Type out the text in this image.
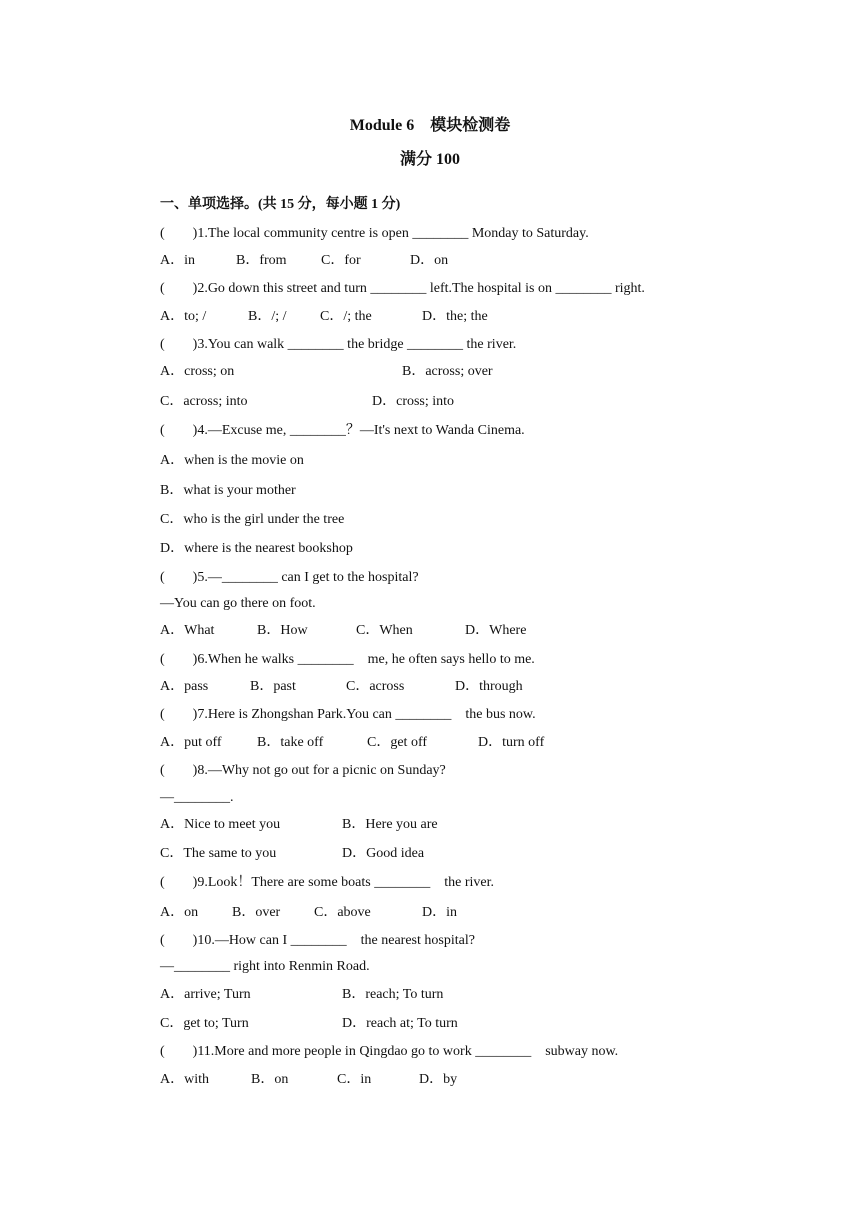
Module 6　模块检测卷
满分 100
一、单项选择。(共 15 分，每小题 1 分)
(　　)1.The local community centre is open ________ Monday to Saturday.
A．in	B．from C．for	D．on
(　　)2.Go down this street and turn ________ left.The hospital is on ________ right.
A．to; /	B．/; / C．/; the	D．the; the
(　　)3.You can walk ________ the bridge ________ the river.
A．cross; on	B．across; over
C．across; into	D．cross; into
(　　)4.—Excuse me, ________？—It's next to Wanda Cinema.
A．when is the movie on
B．what is your mother
C．who is the girl under the tree
D．where is the nearest bookshop
(　　)5.—________ can I get to the hospital?
—You can go there on foot.
A．What	B．How	C．When	D．Where
(　　)6.When he walks ________　me, he often says hello to me.
A．pass	B．past	C．across	D．through
(　　)7.Here is Zhongshan Park.You can ________　the bus now.
A．put off	B．take off	C．get off	D．turn off
(　　)8.—Why not go out for a picnic on Sunday?
—________.
A．Nice to meet you	B．Here you are
C．The same to you	D．Good idea
(　　)9.Look！There are some boats ________　the river.
A．on B．over C．above	D．in
(　　)10.—How can I ________　the nearest hospital?
—________ right into Renmin Road.
A．arrive; Turn	B．reach; To turn
C．get to; Turn	D．reach at; To turn
(　　)11.More and more people in Qingdao go to work ________　subway now.
A．with	B．on	C．in	D．by
